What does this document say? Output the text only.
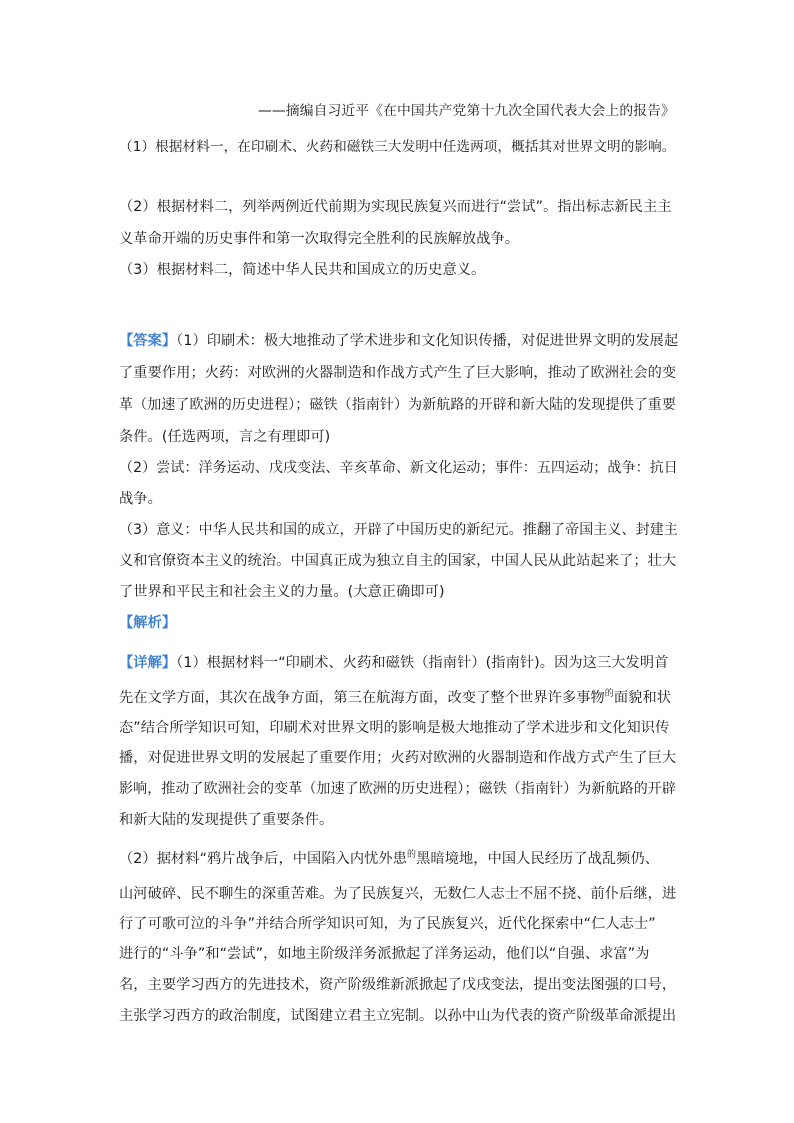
——摘编自习近平《在中国共产党第十九次全国代表大会上的报告》
（1）根据材料一，在印刷术、火药和磁铁三大发明中任选两项，概括其对世界文明的影响。
（2）根据材料二，列举两例近代前期为实现民族复兴而进行“尝试”。指出标志新民主主
义革命开端的历史事件和第一次取得完全胜利的民族解放战争。
（3）根据材料二，简述中华人民共和国成立的历史意义。
【答案】（1）印刷术：极大地推动了学术进步和文化知识传播，对促进世界文明的发展起
了重要作用；火药：对欧洲的火器制造和作战方式产生了巨大影响，推动了欧洲社会的变
革（加速了欧洲的历史进程）；磁铁（指南针）为新航路的开辟和新大陆的发现提供了重要
条件。(任选两项，言之有理即可)
（2）尝试：洋务运动、戊戌变法、辛亥革命、新文化运动；事件：五四运动；战争：抗日
战争。
（3）意义：中华人民共和国的成立，开辟了中国历史的新纪元。推翻了帝国主义、封建主
义和官僚资本主义的统治。中国真正成为独立自主的国家，中国人民从此站起来了；壮大
了世界和平民主和社会主义的力量。(大意正确即可)
【解析】
【详解】（1）根据材料一“印刷术、火药和磁铁（指南针）(指南针)。因为这三大发明首
先在文学方面，其次在战争方面，第三在航海方面，改变了整个世界许多事物$^的$面貌和状
态”结合所学知识可知，印刷术对世界文明的影响是极大地推动了学术进步和文化知识传
播，对促进世界文明的发展起了重要作用；火药对欧洲的火器制造和作战方式产生了巨大
影响，推动了欧洲社会的变革（加速了欧洲的历史进程）；磁铁（指南针）为新航路的开辟
和新大陆的发现提供了重要条件。
（2）据材料“鸦片战争后，中国陷入内忧外患$^的$黑暗境地，中国人民经历了战乱频仍、
山河破碎、民不聊生的深重苦难。为了民族复兴，无数仁人志士不屈不挠、前仆后继，进
行了可歌可泣的斗争”并结合所学知识可知，为了民族复兴，近代化探索中“仁人志士”
进行的“斗争”和“尝试”，如地主阶级洋务派掀起了洋务运动，他们以“自强、求富”为
名，主要学习西方的先进技术，资产阶级维新派掀起了戊戌变法，提出变法图强的口号，
主张学习西方的政治制度，试图建立君主立宪制。以孙中山为代表的资产阶级革命派提出
